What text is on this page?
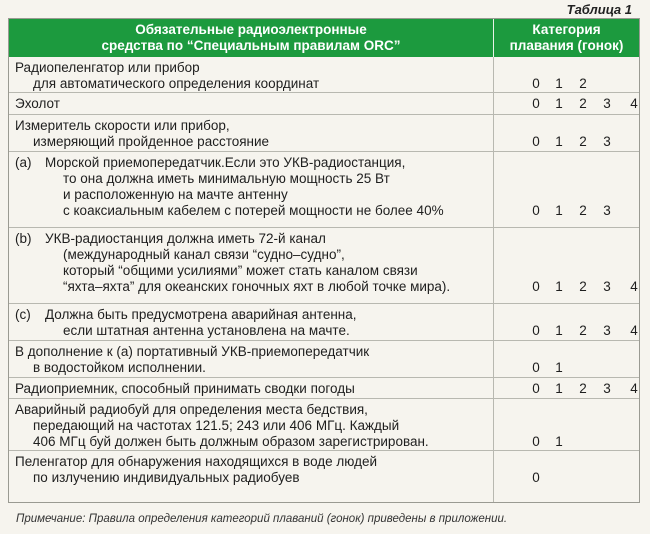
Таблица 1
Обязательные радиоэлектронные
средства по “Специальным правилам ORC”
Категория
плавания (гонок)
Радиопеленгатор или прибор
для автоматического определения координат	0 1 2
Эхолот	0 1 2 3 4
Измеритель скорости или прибор,
измеряющий пройденное расстояние	0 1 2 3
(a)	Морской приемопередатчик.Если это УКВ-радиостанция,
то она должна иметь минимальную мощность 25 Вт
и расположенную на мачте антенну
с коаксиальным кабелем с потерей мощности не более 40%	0 1 2 3
(b)	УКВ-радиостанция должна иметь 72-й канал
(международный канал связи “судно–судно”,
который “общими усилиями” может стать каналом связи
“яхта–яхта” для океанских гоночных яхт в любой точке мира).	0 1 2 3 4
(c)	Должна быть предусмотрена аварийная антенна,
если штатная антенна установлена на мачте.	0 1 2 3 4
В дополнение к (а) портативный УКВ-приемопередатчик
в водостойком исполнении.	0 1
Радиоприемник, способный принимать сводки погоды	0 1 2 3 4
Аварийный радиобуй для определения места бедствия,
передающий на частотах 121.5; 243 или 406 МГц. Каждый
406 МГц буй должен быть должным образом зарегистрирован.	0 1
Пеленгатор для обнаружения находящихся в воде людей
по излучению индивидуальных радиобуев	0
Примечание: Правила определения категорий плаваний (гонок) приведены в приложении.
